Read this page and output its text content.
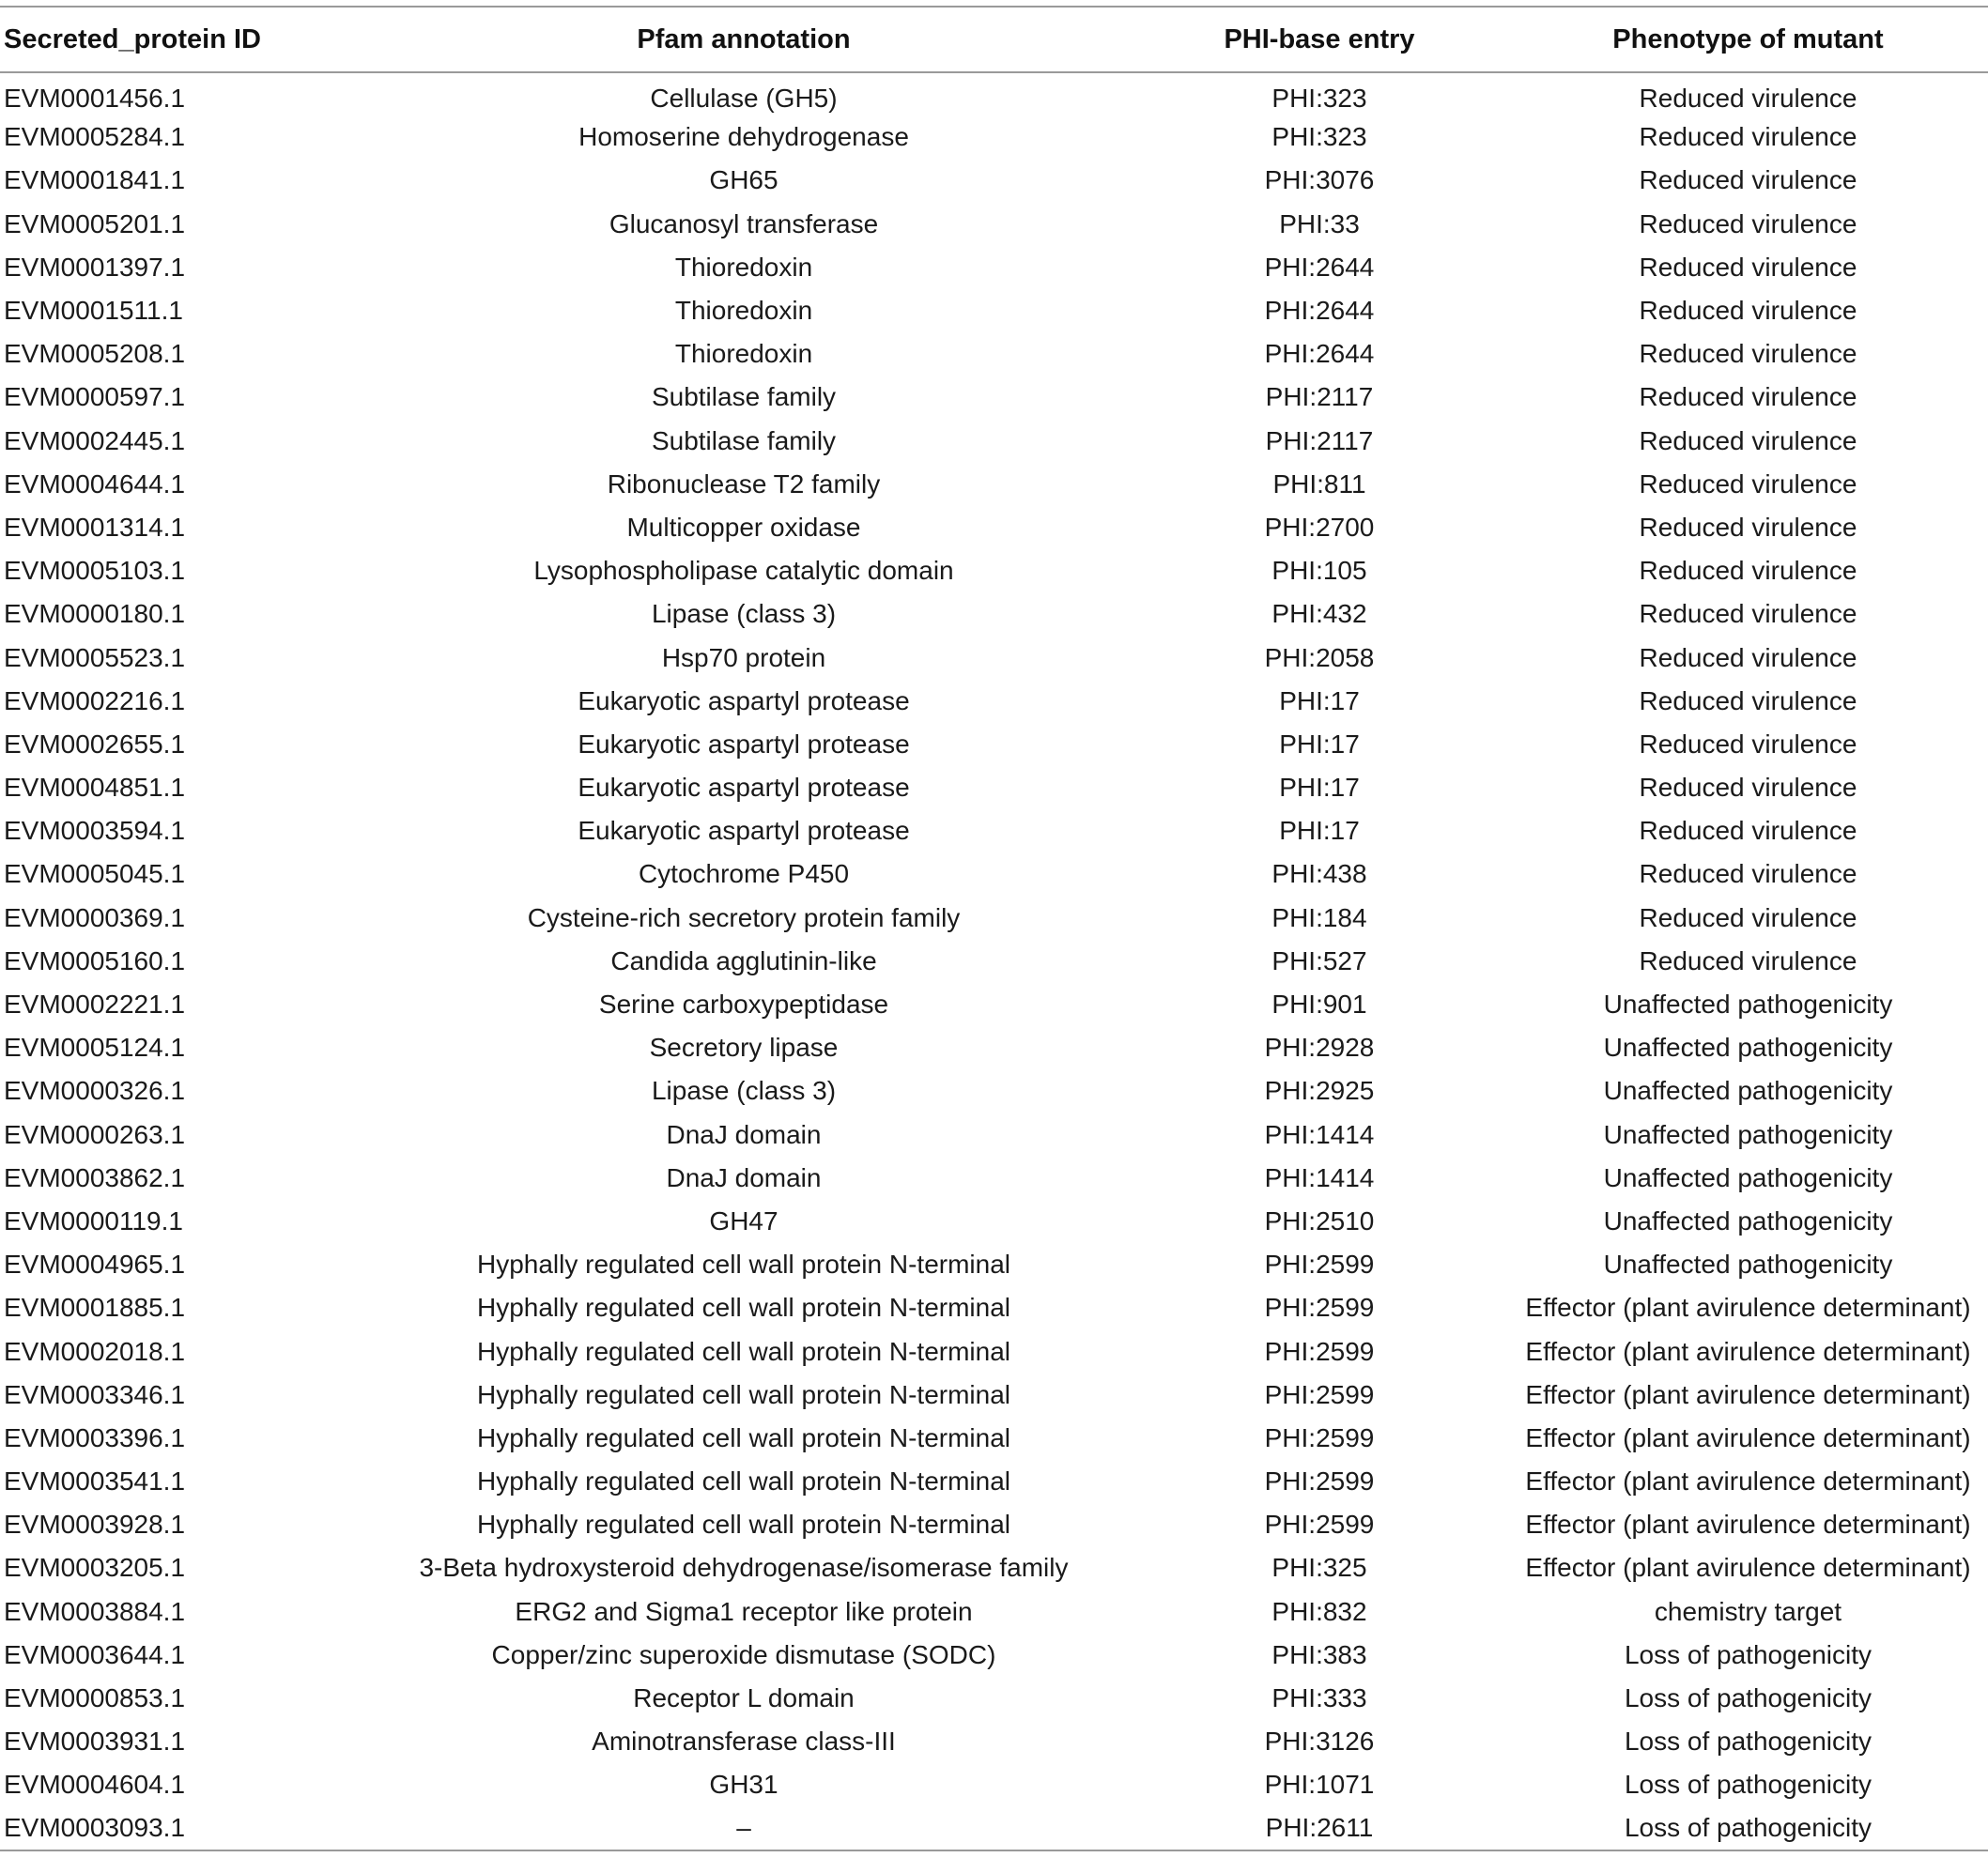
Secreted_protein ID	Pfam annotation	PHI-base entry	Phenotype of mutant
EVM0001456.1	Cellulase (GH5)	PHI:323	Reduced virulence
EVM0005284.1	Homoserine dehydrogenase	PHI:323	Reduced virulence
EVM0001841.1	GH65	PHI:3076	Reduced virulence
EVM0005201.1	Glucanosyl transferase	PHI:33	Reduced virulence
EVM0001397.1	Thioredoxin	PHI:2644	Reduced virulence
EVM0001511.1	Thioredoxin	PHI:2644	Reduced virulence
EVM0005208.1	Thioredoxin	PHI:2644	Reduced virulence
EVM0000597.1	Subtilase family	PHI:2117	Reduced virulence
EVM0002445.1	Subtilase family	PHI:2117	Reduced virulence
EVM0004644.1	Ribonuclease T2 family	PHI:811	Reduced virulence
EVM0001314.1	Multicopper oxidase	PHI:2700	Reduced virulence
EVM0005103.1	Lysophospholipase catalytic domain	PHI:105	Reduced virulence
EVM0000180.1	Lipase (class 3)	PHI:432	Reduced virulence
EVM0005523.1	Hsp70 protein	PHI:2058	Reduced virulence
EVM0002216.1	Eukaryotic aspartyl protease	PHI:17	Reduced virulence
EVM0002655.1	Eukaryotic aspartyl protease	PHI:17	Reduced virulence
EVM0004851.1	Eukaryotic aspartyl protease	PHI:17	Reduced virulence
EVM0003594.1	Eukaryotic aspartyl protease	PHI:17	Reduced virulence
EVM0005045.1	Cytochrome P450	PHI:438	Reduced virulence
EVM0000369.1	Cysteine-rich secretory protein family	PHI:184	Reduced virulence
EVM0005160.1	Candida agglutinin-like	PHI:527	Reduced virulence
EVM0002221.1	Serine carboxypeptidase	PHI:901	Unaffected pathogenicity
EVM0005124.1	Secretory lipase	PHI:2928	Unaffected pathogenicity
EVM0000326.1	Lipase (class 3)	PHI:2925	Unaffected pathogenicity
EVM0000263.1	DnaJ domain	PHI:1414	Unaffected pathogenicity
EVM0003862.1	DnaJ domain	PHI:1414	Unaffected pathogenicity
EVM0000119.1	GH47	PHI:2510	Unaffected pathogenicity
EVM0004965.1	Hyphally regulated cell wall protein N-terminal	PHI:2599	Unaffected pathogenicity
EVM0001885.1	Hyphally regulated cell wall protein N-terminal	PHI:2599	Effector (plant avirulence determinant)
EVM0002018.1	Hyphally regulated cell wall protein N-terminal	PHI:2599	Effector (plant avirulence determinant)
EVM0003346.1	Hyphally regulated cell wall protein N-terminal	PHI:2599	Effector (plant avirulence determinant)
EVM0003396.1	Hyphally regulated cell wall protein N-terminal	PHI:2599	Effector (plant avirulence determinant)
EVM0003541.1	Hyphally regulated cell wall protein N-terminal	PHI:2599	Effector (plant avirulence determinant)
EVM0003928.1	Hyphally regulated cell wall protein N-terminal	PHI:2599	Effector (plant avirulence determinant)
EVM0003205.1	3-Beta hydroxysteroid dehydrogenase/isomerase family	PHI:325	Effector (plant avirulence determinant)
EVM0003884.1	ERG2 and Sigma1 receptor like protein	PHI:832	chemistry target
EVM0003644.1	Copper/zinc superoxide dismutase (SODC)	PHI:383	Loss of pathogenicity
EVM0000853.1	Receptor L domain	PHI:333	Loss of pathogenicity
EVM0003931.1	Aminotransferase class-III	PHI:3126	Loss of pathogenicity
EVM0004604.1	GH31	PHI:1071	Loss of pathogenicity
EVM0003093.1	–	PHI:2611	Loss of pathogenicity
